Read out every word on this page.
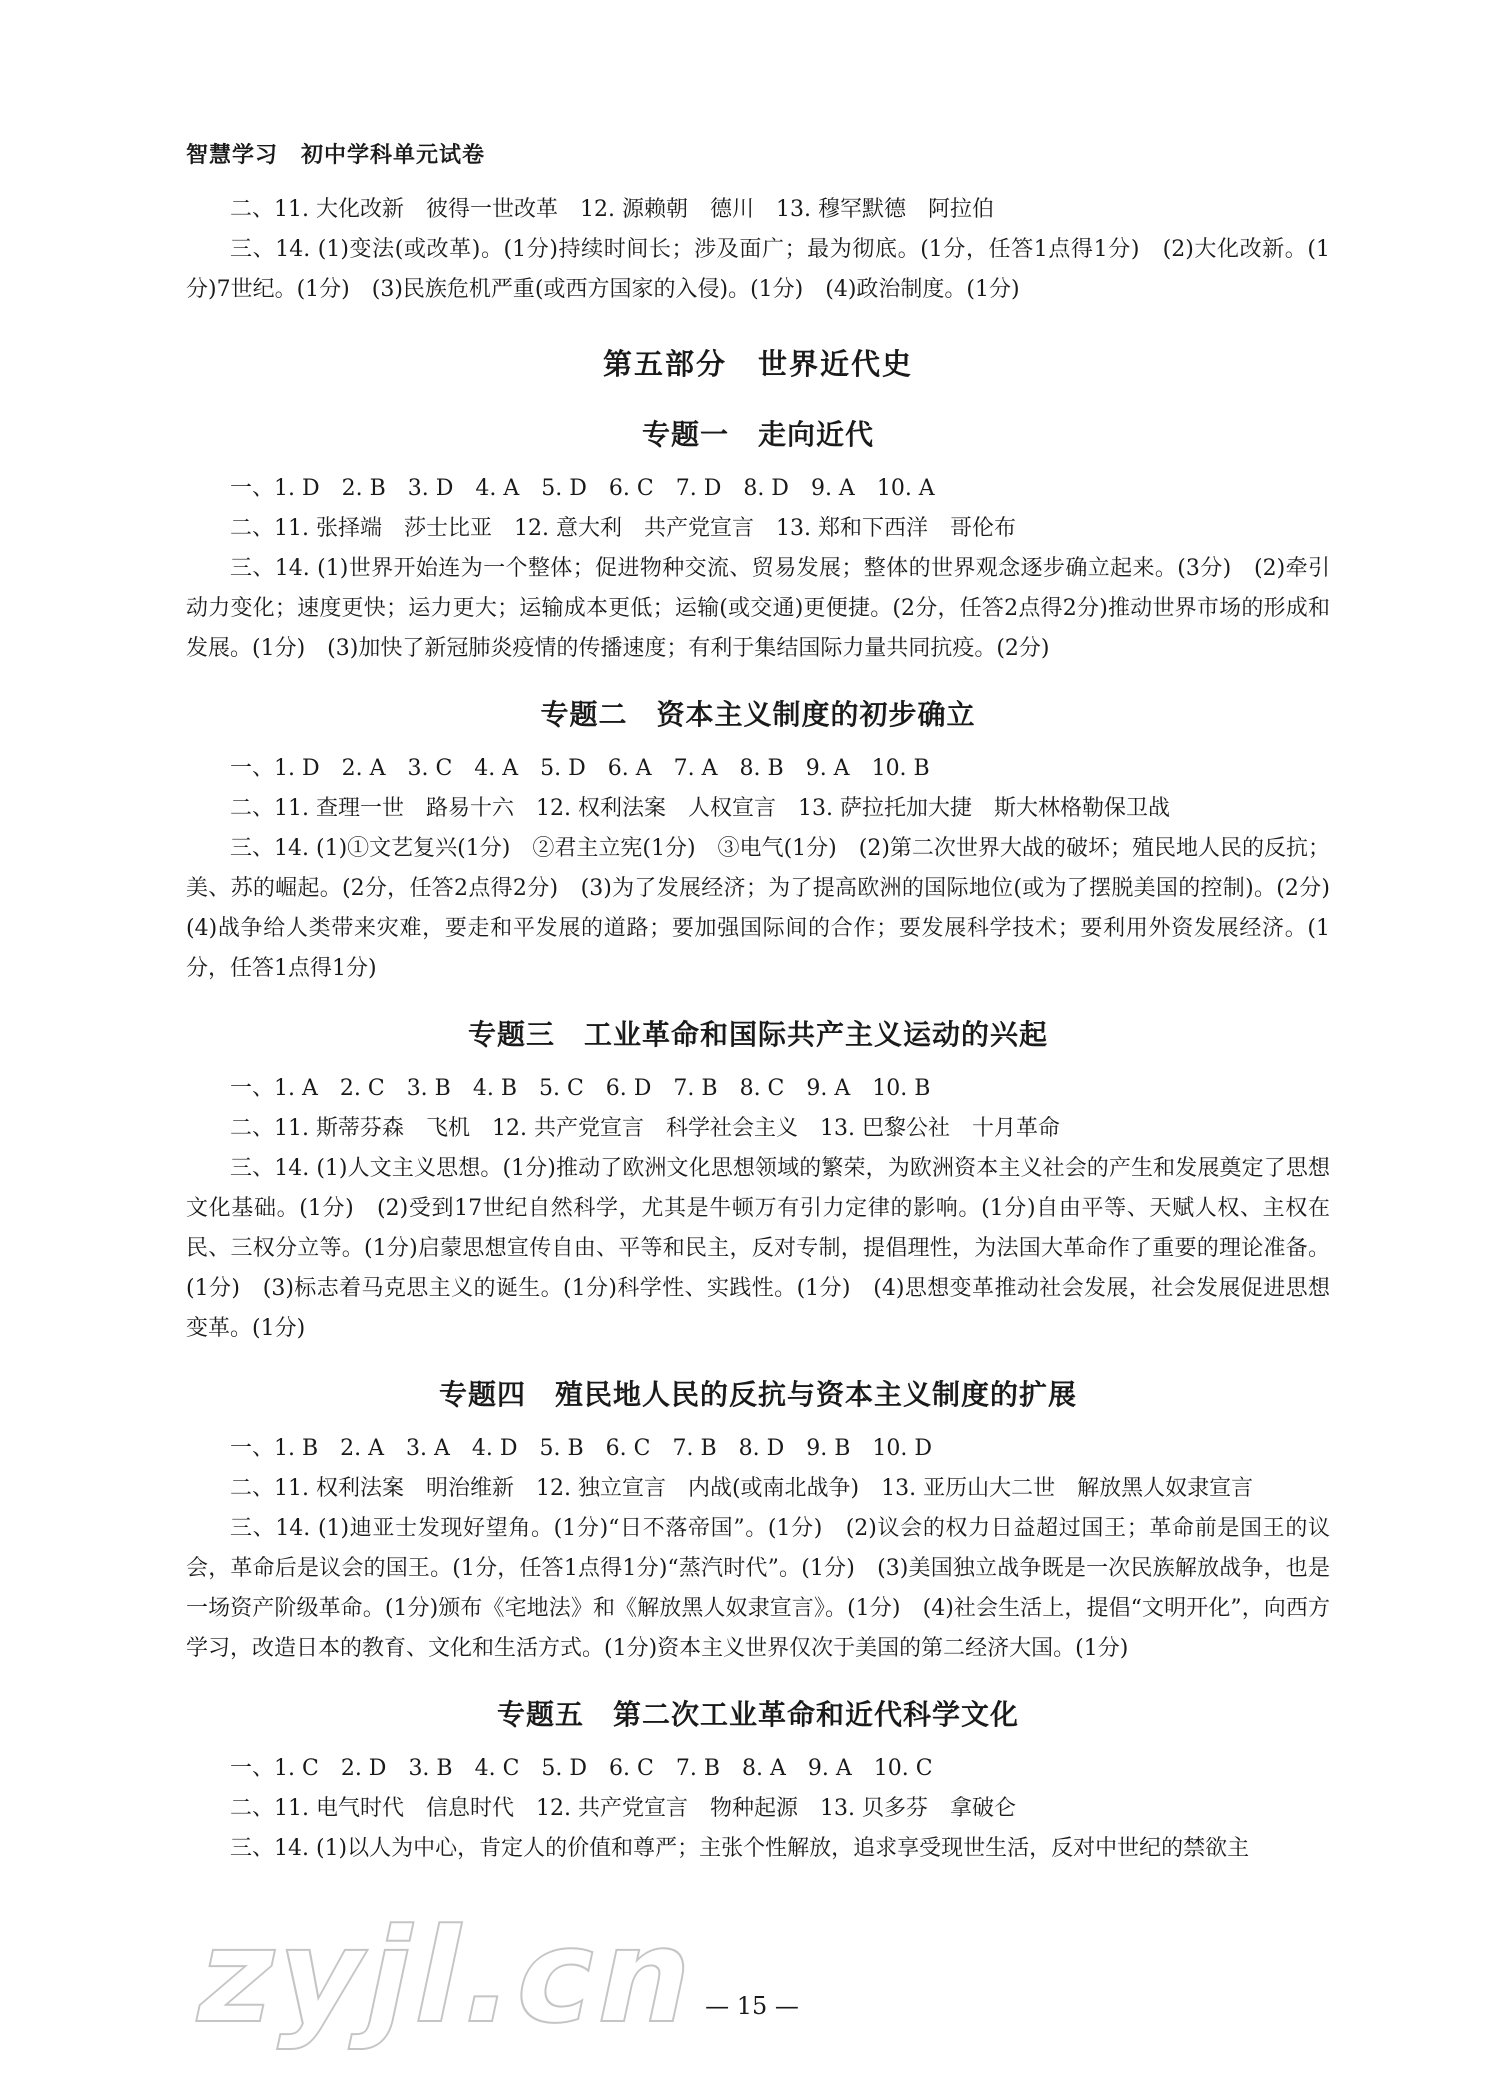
智慧学习　初中学科单元试卷

二、11. 大化改新　彼得一世改革　12. 源赖朝　德川　13. 穆罕默德　阿拉伯

三、14. (1)变法(或改革)。(1分)持续时间长；涉及面广；最为彻底。(1分，任答1点得1分)　(2)大化改新。(1分)7世纪。(1分)　(3)民族危机严重(或西方国家的入侵)。(1分)　(4)政治制度。(1分)

第五部分　世界近代史
专题一　走向近代

一、1. D　2. B　3. D　4. A　5. D　6. C　7. D　8. D　9. A　10. A

二、11. 张择端　莎士比亚　12. 意大利　共产党宣言　13. 郑和下西洋　哥伦布

三、14. (1)世界开始连为一个整体；促进物种交流、贸易发展；整体的世界观念逐步确立起来。(3分)　(2)牵引动力变化；速度更快；运力更大；运输成本更低；运输(或交通)更便捷。(2分，任答2点得2分)推动世界市场的形成和发展。(1分)　(3)加快了新冠肺炎疫情的传播速度；有利于集结国际力量共同抗疫。(2分)

专题二　资本主义制度的初步确立

一、1. D　2. A　3. C　4. A　5. D　6. A　7. A　8. B　9. A　10. B

二、11. 查理一世　路易十六　12. 权利法案　人权宣言　13. 萨拉托加大捷　斯大林格勒保卫战

三、14. (1)①文艺复兴(1分)　②君主立宪(1分)　③电气(1分)　(2)第二次世界大战的破坏；殖民地人民的反抗；美、苏的崛起。(2分，任答2点得2分)　(3)为了发展经济；为了提高欧洲的国际地位(或为了摆脱美国的控制)。(2分)　(4)战争给人类带来灾难，要走和平发展的道路；要加强国际间的合作；要发展科学技术；要利用外资发展经济。(1分，任答1点得1分)

专题三　工业革命和国际共产主义运动的兴起

一、1. A　2. C　3. B　4. B　5. C　6. D　7. B　8. C　9. A　10. B

二、11. 斯蒂芬森　飞机　12. 共产党宣言　科学社会主义　13. 巴黎公社　十月革命

三、14. (1)人文主义思想。(1分)推动了欧洲文化思想领域的繁荣，为欧洲资本主义社会的产生和发展奠定了思想文化基础。(1分)　(2)受到17世纪自然科学，尤其是牛顿万有引力定律的影响。(1分)自由平等、天赋人权、主权在民、三权分立等。(1分)启蒙思想宣传自由、平等和民主，反对专制，提倡理性，为法国大革命作了重要的理论准备。(1分)　(3)标志着马克思主义的诞生。(1分)科学性、实践性。(1分)　(4)思想变革推动社会发展，社会发展促进思想变革。(1分)

专题四　殖民地人民的反抗与资本主义制度的扩展

一、1. B　2. A　3. A　4. D　5. B　6. C　7. B　8. D　9. B　10. D

二、11. 权利法案　明治维新　12. 独立宣言　内战(或南北战争)　13. 亚历山大二世　解放黑人奴隶宣言

三、14. (1)迪亚士发现好望角。(1分)“日不落帝国”。(1分)　(2)议会的权力日益超过国王；革命前是国王的议会，革命后是议会的国王。(1分，任答1点得1分)“蒸汽时代”。(1分)　(3)美国独立战争既是一次民族解放战争，也是一场资产阶级革命。(1分)颁布《宅地法》和《解放黑人奴隶宣言》。(1分)　(4)社会生活上，提倡“文明开化”，向西方学习，改造日本的教育、文化和生活方式。(1分)资本主义世界仅次于美国的第二经济大国。(1分)

专题五　第二次工业革命和近代科学文化

一、1. C　2. D　3. B　4. C　5. D　6. C　7. B　8. A　9. A　10. C

二、11. 电气时代　信息时代　12. 共产党宣言　物种起源　13. 贝多芬　拿破仑

三、14. (1)以人为中心，肯定人的价值和尊严；主张个性解放，追求享受现世生活，反对中世纪的禁欲主

zyjl.cn
— 15 —
